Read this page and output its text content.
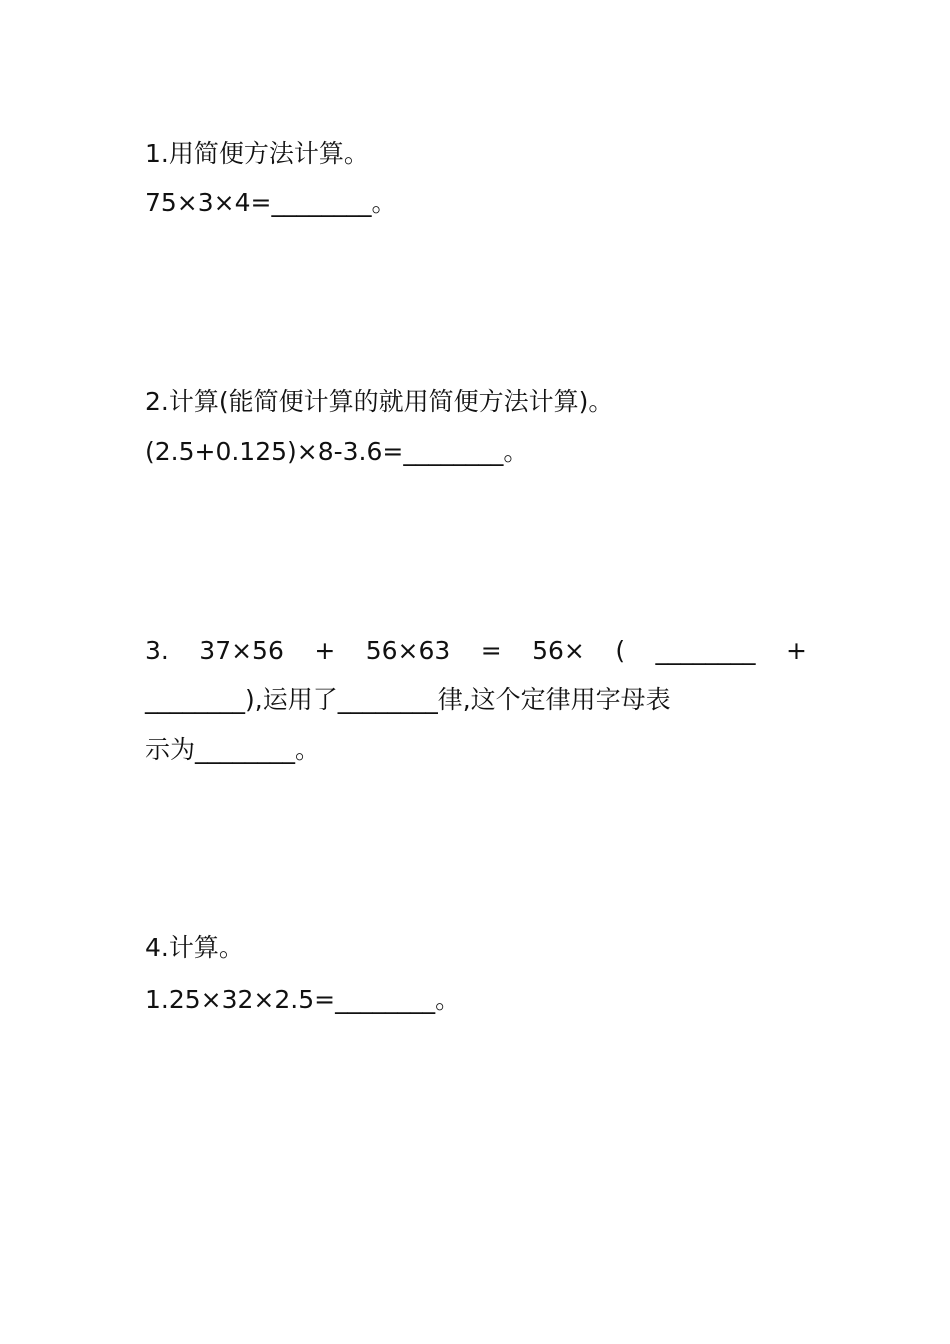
1.用简便方法计算。
75×3×4=________。
2.计算(能简便计算的就用简便方法计算)。
(2.5+0.125)×8-3.6=________。
3. 37×56 + 56×63 = 56× ( ________ +
________),运用了________律,这个定律用字母表
示为________。
4.计算。
1.25×32×2.5=________。
